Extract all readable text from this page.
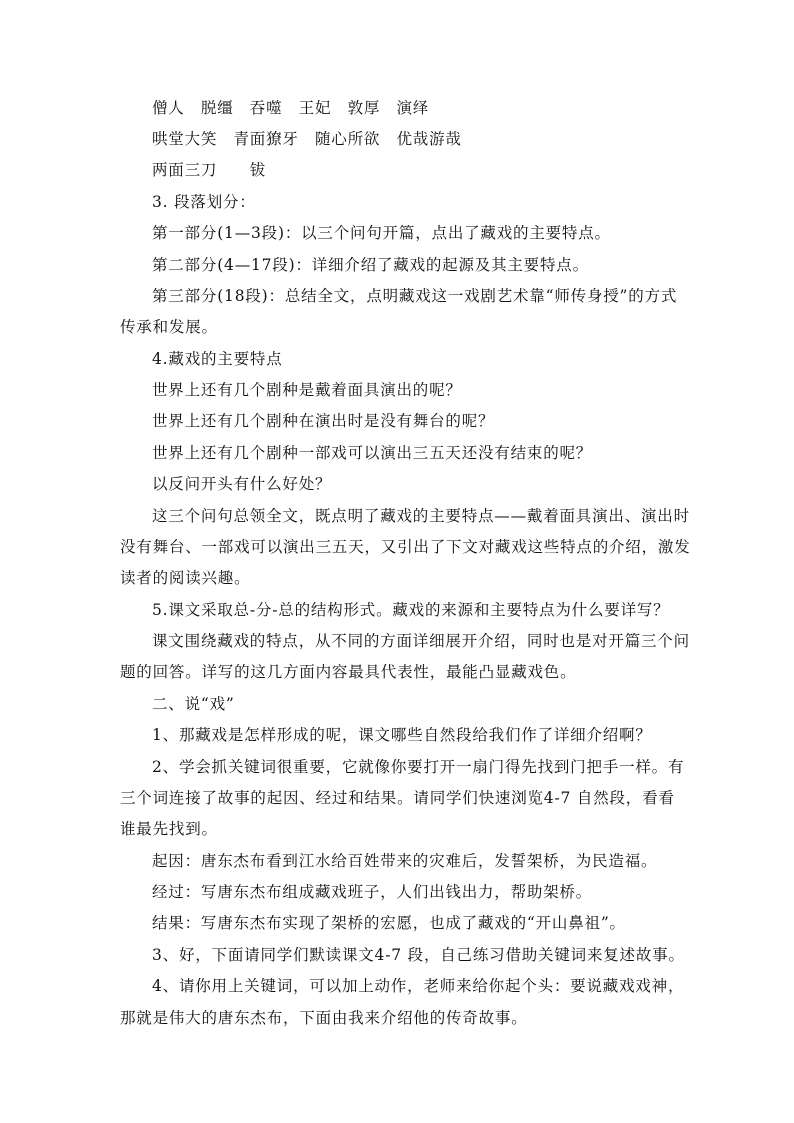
僧人　脱缰　吞噬　王妃　敦厚　演绎
哄堂大笑　青面獠牙　随心所欲　优哉游哉
两面三刀　　钹
3. 段落划分：
第一部分(1—3段)：以三个问句开篇，点出了藏戏的主要特点。
第二部分(4—17段)：详细介绍了藏戏的起源及其主要特点。
第三部分(18段)：总结全文，点明藏戏这一戏剧艺术靠“师传身授”的方式
传承和发展。
4.藏戏的主要特点
世界上还有几个剧种是戴着面具演出的呢？
世界上还有几个剧种在演出时是没有舞台的呢？
世界上还有几个剧种一部戏可以演出三五天还没有结束的呢？
以反问开头有什么好处？
这三个问句总领全文，既点明了藏戏的主要特点——戴着面具演出、演出时
没有舞台、一部戏可以演出三五天，又引出了下文对藏戏这些特点的介绍，激发
读者的阅读兴趣。
5.课文采取总-分-总的结构形式。藏戏的来源和主要特点为什么要详写？
课文围绕藏戏的特点，从不同的方面详细展开介绍，同时也是对开篇三个问
题的回答。详写的这几方面内容最具代表性，最能凸显藏戏色。
二、说“戏”
1、那藏戏是怎样形成的呢，课文哪些自然段给我们作了详细介绍啊？
2、学会抓关键词很重要，它就像你要打开一扇门得先找到门把手一样。有
三个词连接了故事的起因、经过和结果。请同学们快速浏览4-7 自然段，看看
谁最先找到。
起因：唐东杰布看到江水给百姓带来的灾难后，发誓架桥，为民造福。
经过：写唐东杰布组成藏戏班子，人们出钱出力，帮助架桥。
结果：写唐东杰布实现了架桥的宏愿，也成了藏戏的“开山鼻祖”。
3、好，下面请同学们默读课文4-7 段，自己练习借助关键词来复述故事。
4、请你用上关键词，可以加上动作，老师来给你起个头：要说藏戏戏神，
那就是伟大的唐东杰布，下面由我来介绍他的传奇故事。
